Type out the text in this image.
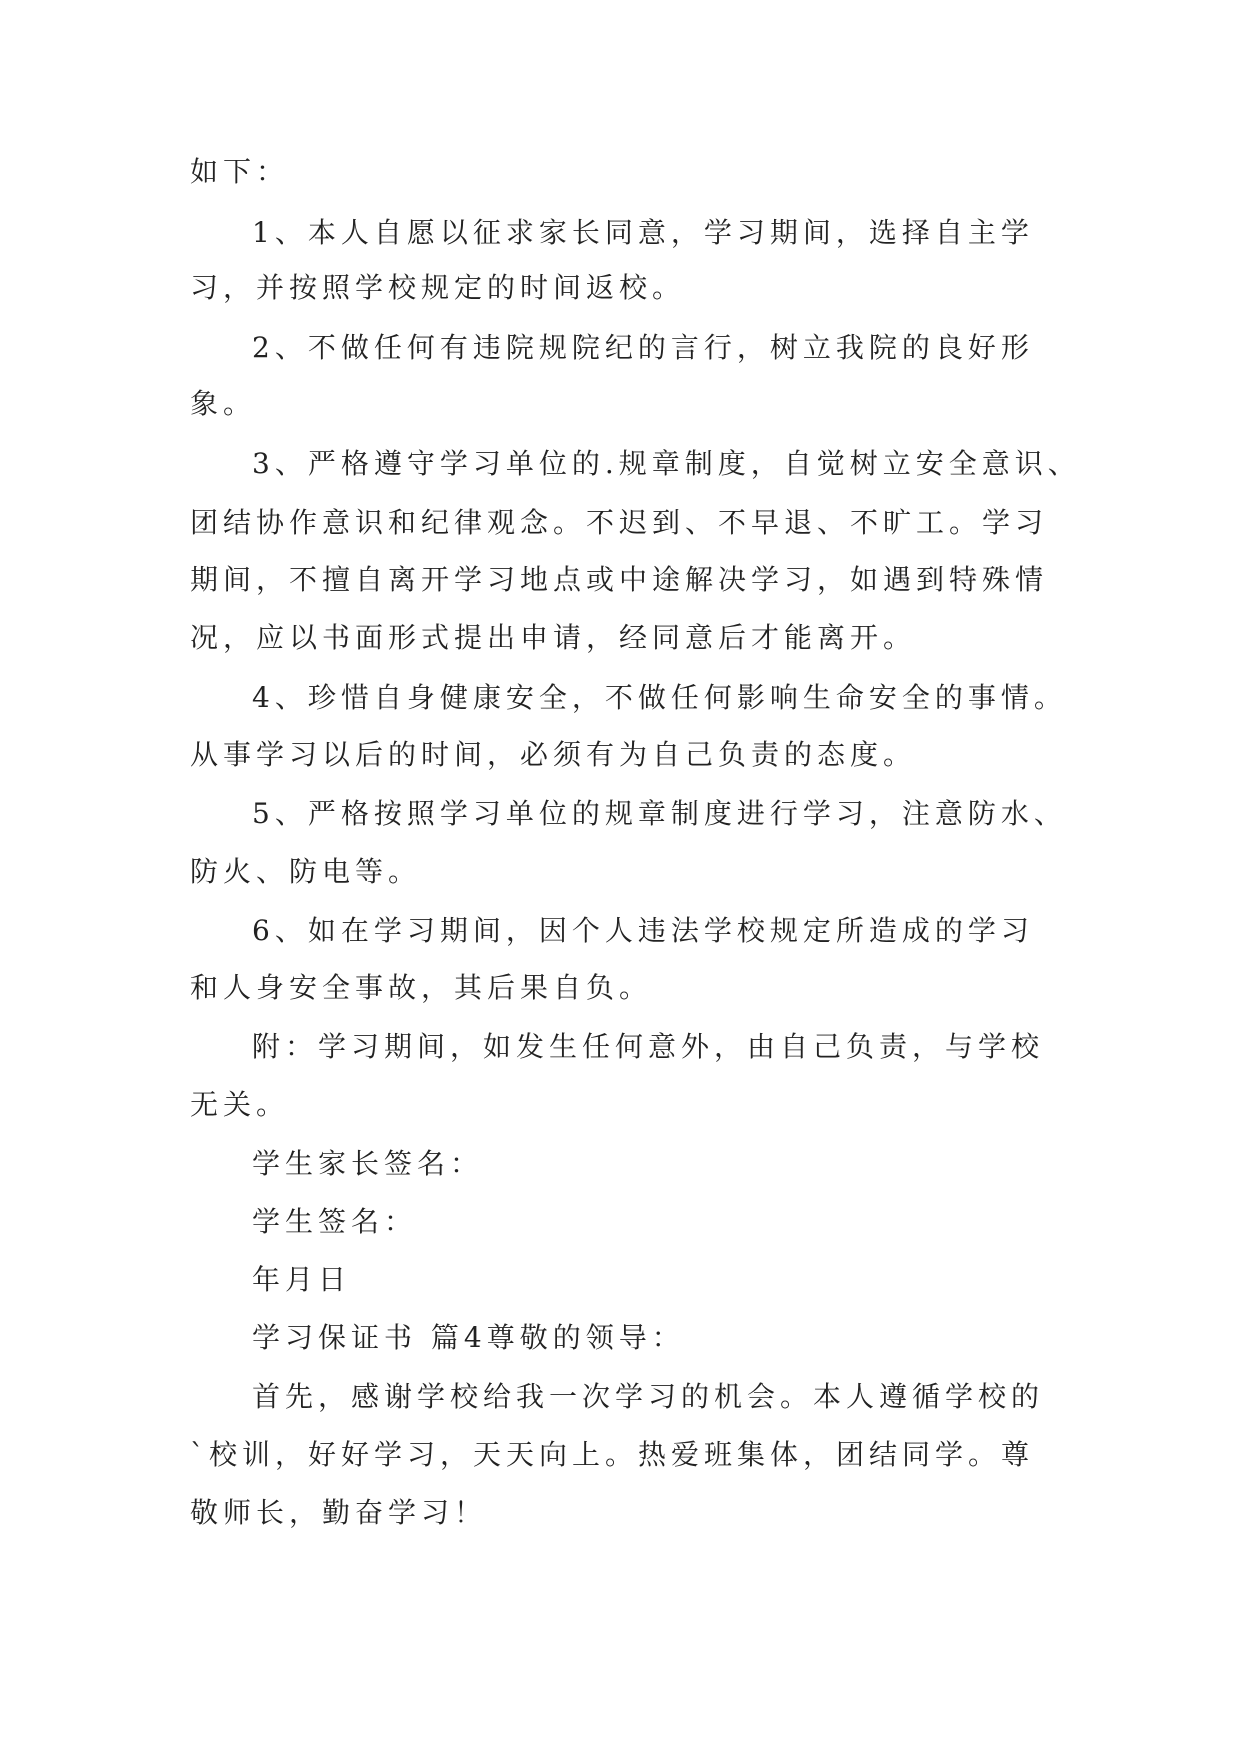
如下：
1、本人自愿以征求家长同意，学习期间，选择自主学
习，并按照学校规定的时间返校。
2、不做任何有违院规院纪的言行，树立我院的良好形
象。
3、严格遵守学习单位的.规章制度，自觉树立安全意识、
团结协作意识和纪律观念。不迟到、不早退、不旷工。学习
期间，不擅自离开学习地点或中途解决学习，如遇到特殊情
况，应以书面形式提出申请，经同意后才能离开。
4、珍惜自身健康安全，不做任何影响生命安全的事情。
从事学习以后的时间，必须有为自己负责的态度。
5、严格按照学习单位的规章制度进行学习，注意防水、
防火、防电等。
6、如在学习期间，因个人违法学校规定所造成的学习
和人身安全事故，其后果自负。
附：学习期间，如发生任何意外，由自己负责，与学校
无关。
学生家长签名：
学生签名：
年月日
学习保证书 篇4尊敬的领导：
首先，感谢学校给我一次学习的机会。本人遵循学校的
`校训，好好学习，天天向上。热爱班集体，团结同学。尊
敬师长，勤奋学习！
